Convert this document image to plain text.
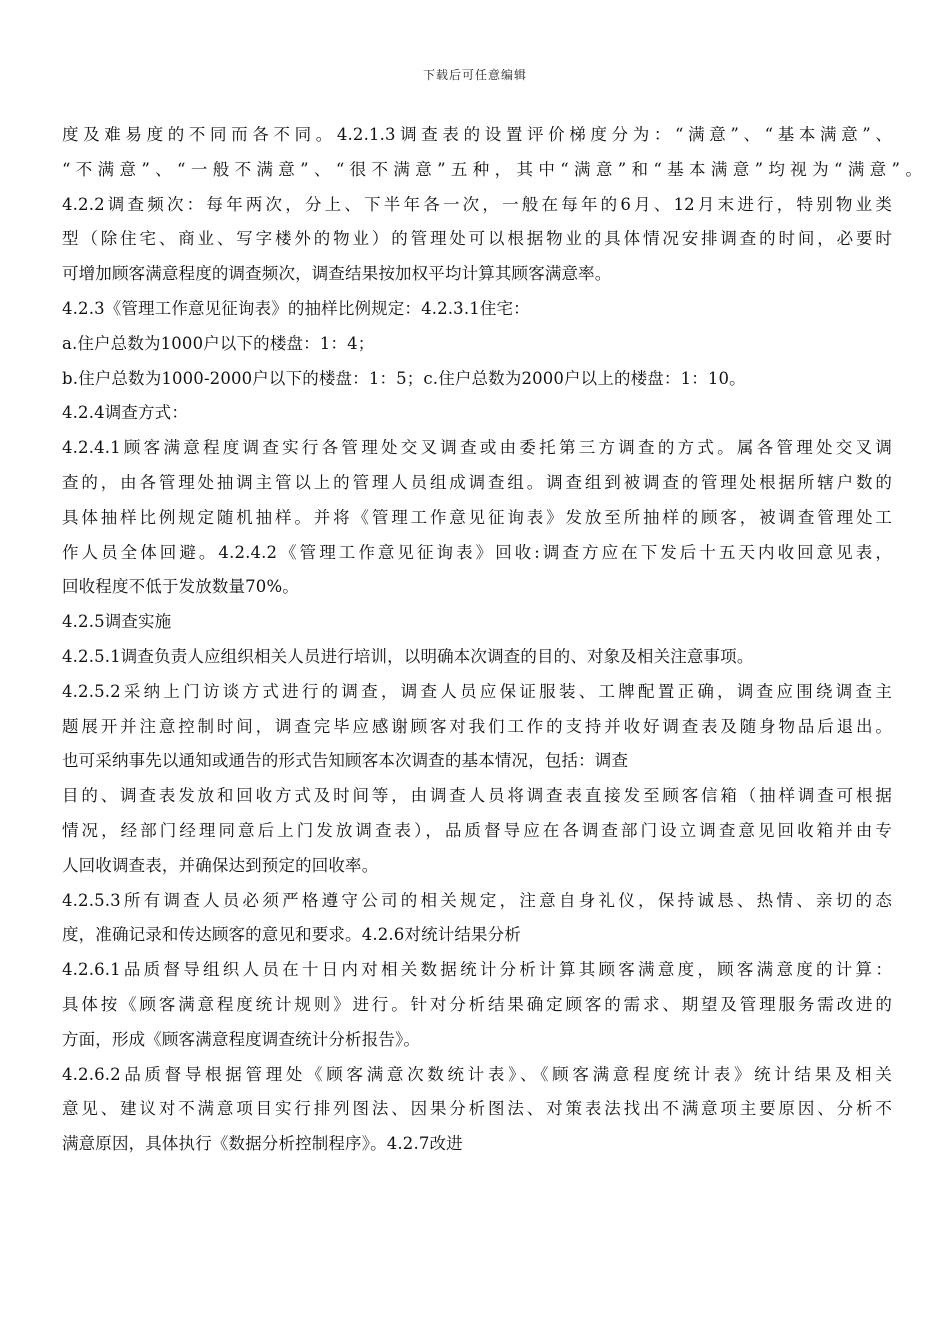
下载后可任意编辑
度及难易度的不同而各不同。4.2.1.3调查表的设置评价梯度分为：“满意”、“基本满意”、
“不满意”、“一般不满意”、“很不满意”五种，其中“满意”和“基本满意”均视为“满意”。
4.2.2调查频次：每年两次，分上、下半年各一次，一般在每年的6月、12月末进行，特别物业类
型（除住宅、商业、写字楼外的物业）的管理处可以根据物业的具体情况安排调查的时间，必要时
可增加顾客满意程度的调查频次，调查结果按加权平均计算其顾客满意率。
4.2.3《管理工作意见征询表》的抽样比例规定：4.2.3.1住宅：
a.住户总数为1000户以下的楼盘：1：4；
b.住户总数为1000-2000户以下的楼盘：1：5；c.住户总数为2000户以上的楼盘：1：10。
4.2.4调查方式：
4.2.4.1顾客满意程度调查实行各管理处交叉调查或由委托第三方调查的方式。属各管理处交叉调
查的，由各管理处抽调主管以上的管理人员组成调查组。调查组到被调查的管理处根据所辖户数的
具体抽样比例规定随机抽样。并将《管理工作意见征询表》发放至所抽样的顾客，被调查管理处工
作人员全体回避。4.2.4.2《管理工作意见征询表》回收:调查方应在下发后十五天内收回意见表，
回收程度不低于发放数量70%。
4.2.5调查实施
4.2.5.1调查负责人应组织相关人员进行培训，以明确本次调查的目的、对象及相关注意事项。
4.2.5.2采纳上门访谈方式进行的调查，调查人员应保证服装、工牌配置正确，调查应围绕调查主
题展开并注意控制时间，调查完毕应感谢顾客对我们工作的支持并收好调查表及随身物品后退出。
也可采纳事先以通知或通告的形式告知顾客本次调查的基本情况，包括：调查
目的、调查表发放和回收方式及时间等，由调查人员将调查表直接发至顾客信箱（抽样调查可根据
情况，经部门经理同意后上门发放调查表），品质督导应在各调查部门设立调查意见回收箱并由专
人回收调查表，并确保达到预定的回收率。
4.2.5.3所有调查人员必须严格遵守公司的相关规定，注意自身礼仪，保持诚恳、热情、亲切的态
度，准确记录和传达顾客的意见和要求。4.2.6对统计结果分析
4.2.6.1品质督导组织人员在十日内对相关数据统计分析计算其顾客满意度，顾客满意度的计算：
具体按《顾客满意程度统计规则》进行。针对分析结果确定顾客的需求、期望及管理服务需改进的
方面，形成《顾客满意程度调查统计分析报告》。
4.2.6.2品质督导根据管理处《顾客满意次数统计表》、《顾客满意程度统计表》统计结果及相关
意见、建议对不满意项目实行排列图法、因果分析图法、对策表法找出不满意项主要原因、分析不
满意原因，具体执行《数据分析控制程序》。4.2.7改进
